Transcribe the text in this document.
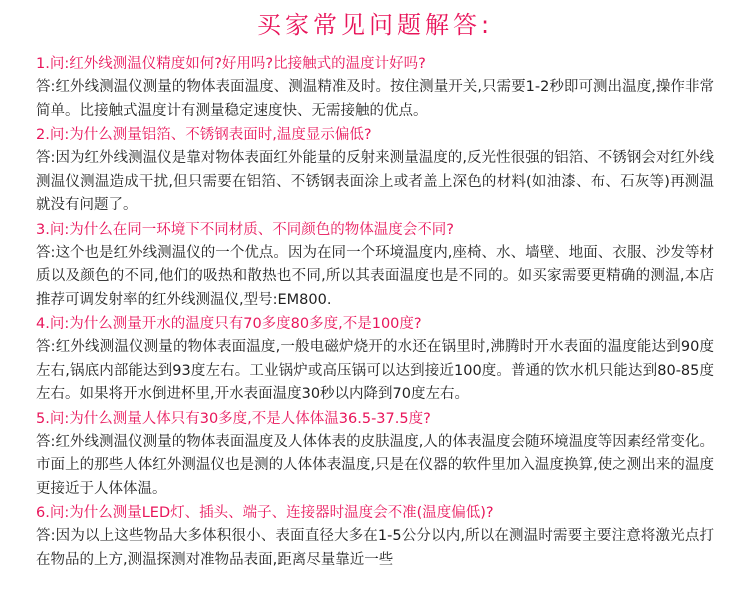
买家常见问题解答:

1.问:红外线测温仪精度如何?好用吗?比接触式的温度计好吗?

答:红外线测温仪测量的物体表面温度、测温精准及时。按住测量开关,只需要1-2秒即可测出温度,操作非常简单。比接触式温度计有测量稳定速度快、无需接触的优点。

2.问:为什么测量铝箔、不锈钢表面时,温度显示偏低?

答:因为红外线测温仪是靠对物体表面红外能量的反射来测量温度的,反光性很强的铝箔、不锈钢会对红外线测温仪测温造成干扰,但只需要在铝箔、不锈钢表面涂上或者盖上深色的材料(如油漆、布、石灰等)再测温就没有问题了。

3.问:为什么在同一环境下不同材质、不同颜色的物体温度会不同?

答:这个也是红外线测温仪的一个优点。因为在同一个环境温度内,座椅、水、墙壁、地面、衣服、沙发等材质以及颜色的不同,他们的吸热和散热也不同,所以其表面温度也是不同的。如买家需要更精确的测温,本店推荐可调发射率的红外线测温仪,型号:EM800.

4.问:为什么测量开水的温度只有70多度80多度,不是100度?

答:红外线测温仪测量的物体表面温度,一般电磁炉烧开的水还在锅里时,沸腾时开水表面的温度能达到90度左右,锅底内部能达到93度左右。工业锅炉或高压锅可以达到接近100度。普通的饮水机只能达到80-85度左右。如果将开水倒进杯里,开水表面温度30秒以内降到70度左右。

5.问:为什么测量人体只有30多度,不是人体体温36.5-37.5度?

答:红外线测温仪测量的物体表面温度及人体体表的皮肤温度,人的体表温度会随环境温度等因素经常变化。市面上的那些人体红外测温仪也是测的人体体表温度,只是在仪器的软件里加入温度换算,使之测出来的温度更接近于人体体温。

6.问:为什么测量LED灯、插头、端子、连接器时温度会不准(温度偏低)?

答:因为以上这些物品大多体积很小、表面直径大多在1-5公分以内,所以在测温时需要主要注意将激光点打在物品的上方,测温探测对准物品表面,距离尽量靠近一些
